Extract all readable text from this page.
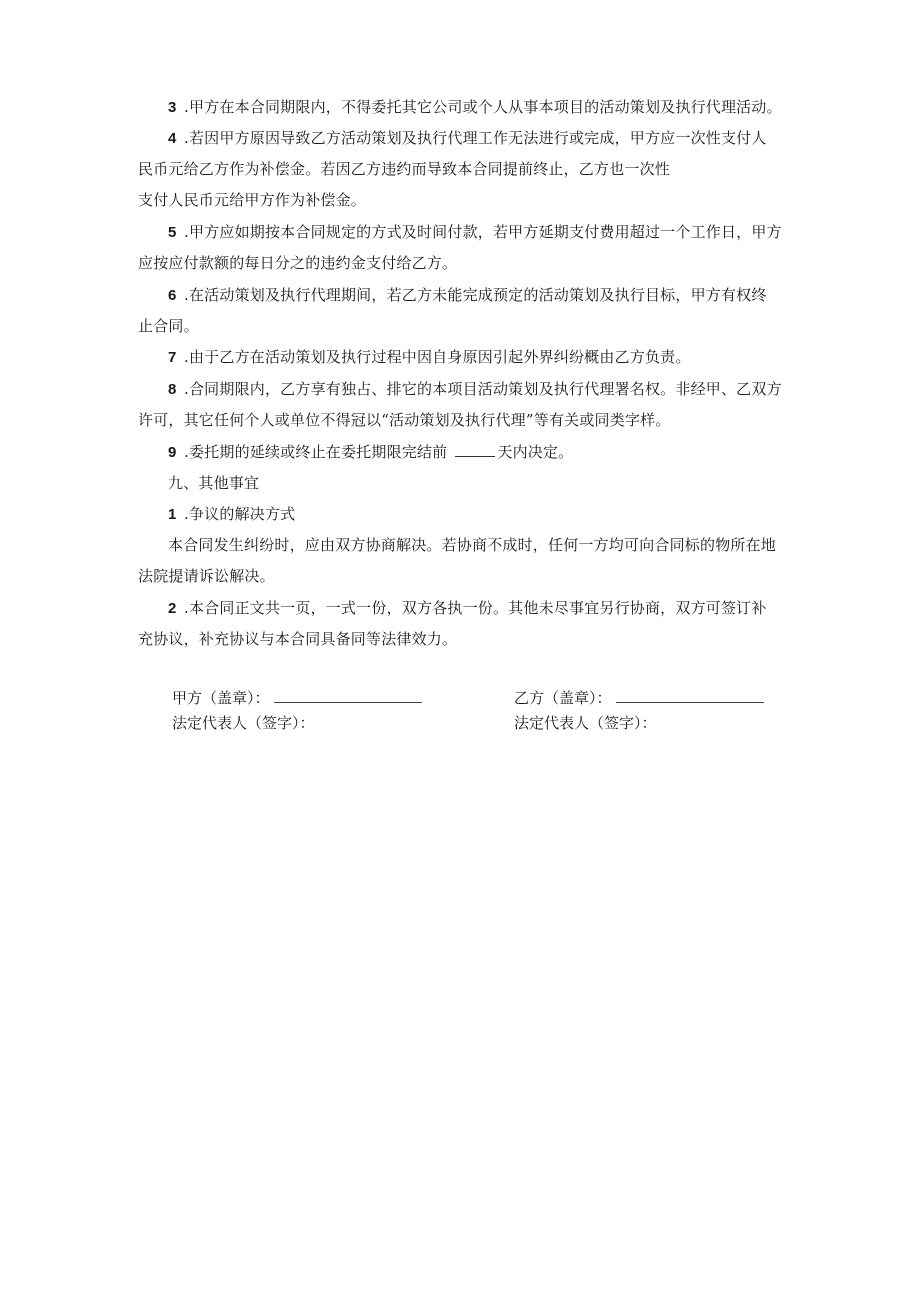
3 .甲方在本合同期限内，不得委托其它公司或个人从事本项目的活动策划及执行代理活动。
4 .若因甲方原因导致乙方活动策划及执行代理工作无法进行或完成，甲方应一次性支付人
民币元给乙方作为补偿金。若因乙方违约而导致本合同提前终止，乙方也一次性
支付人民币元给甲方作为补偿金。
5 .甲方应如期按本合同规定的方式及时间付款，若甲方延期支付费用超过一个工作日，甲方
应按应付款额的每日分之的违约金支付给乙方。
6 .在活动策划及执行代理期间，若乙方未能完成预定的活动策划及执行目标，甲方有权终
止合同。
7 .由于乙方在活动策划及执行过程中因自身原因引起外界纠纷概由乙方负责。
8 .合同期限内，乙方享有独占、排它的本项目活动策划及执行代理署名权。非经甲、乙双方
许可，其它任何个人或单位不得冠以“活动策划及执行代理”等有关或同类字样。
9 .委托期的延续或终止在委托期限完结前	天内决定。
九、其他事宜
1 .争议的解决方式
本合同发生纠纷时，应由双方协商解决。若协商不成时，任何一方均可向合同标的物所在地
法院提请诉讼解决。
2 .本合同正文共一页，一式一份，双方各执一份。其他未尽事宜另行协商，双方可签订补
充协议，补充协议与本合同具备同等法律效力。
甲方（盖章）：
法定代表人（签字）：
乙方（盖章）：
法定代表人（签字）：
